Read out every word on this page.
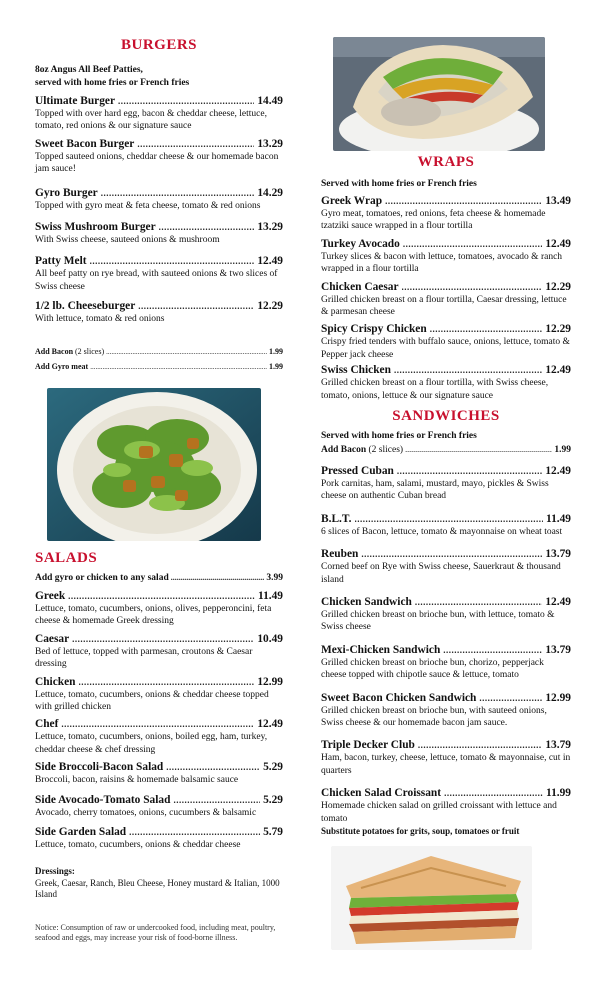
BURGERS
8oz Angus All Beef Patties,
served with home fries or French fries
Ultimate Burger .....	14.49
Topped with over hard egg, bacon & cheddar cheese, lettuce, tomato, red onions & our signature sauce
Sweet Bacon Burger .....	13.29
Topped sauteed onions, cheddar cheese & our homemade bacon jam sauce!
Gyro Burger .....	14.29
Topped with gyro meat & feta cheese, tomato & red onions
Swiss Mushroom Burger .....	13.29
With Swiss cheese, sauteed onions & mushroom
Patty Melt .....	12.49
All beef patty on rye bread, with sauteed onions & two slices of Swiss cheese
1/2 lb. Cheeseburger .....	12.29
With lettuce, tomato & red onions
Add Bacon
(2 slices) .....	1.99
Add Gyro meat .....	1.99
SALADS
Add gyro or chicken to any salad .....	3.99
Greek .....	11.49
Lettuce, tomato, cucumbers, onions, olives, pepperoncini, feta cheese & homemade Greek dressing
Caesar .....	10.49
Bed of lettuce, topped with parmesan, croutons & Caesar dressing
Chicken .....	12.99
Lettuce, tomato, cucumbers, onions & cheddar cheese topped with grilled chicken
Chef .....	12.49
Lettuce, tomato, cucumbers, onions, boiled egg, ham, turkey, cheddar cheese & chef dressing
Side Broccoli-Bacon Salad .....	5.29
Broccoli, bacon, raisins & homemade balsamic sauce
Side Avocado-Tomato Salad .....	5.29
Avocado, cherry tomatoes, onions, cucumbers & balsamic
Side Garden Salad .....	5.79
Lettuce, tomato, cucumbers, onions & cheddar cheese
Dressings:
Greek, Caesar, Ranch, Bleu Cheese, Honey mustard & Italian, 1000 Island
Notice: Consumption of raw or undercooked food, including meat, poultry, seafood and eggs, may increase your risk of food-borne illness.
WRAPS
Served with home fries or French fries
Greek Wrap .....	13.49
Gyro meat, tomatoes, red onions, feta cheese & homemade tzatziki sauce wrapped in a flour tortilla
Turkey Avocado .....	12.49
Turkey slices & bacon with lettuce, tomatoes, avocado & ranch wrapped in a flour tortilla
Chicken Caesar .....	12.29
Grilled chicken breast on a flour tortilla, Caesar dressing, lettuce & parmesan cheese
Spicy Crispy Chicken .....	12.29
Crispy fried tenders with buffalo sauce, onions, lettuce, tomato & Pepper jack cheese
Swiss Chicken .....	12.49
Grilled chicken breast on a flour tortilla, with Swiss cheese, tomato, onions, lettuce & our signature sauce
SANDWICHES
Served with home fries or French fries
Add Bacon
(2 slices) .....	1.99
Pressed Cuban .....	12.49
Pork carnitas, ham, salami, mustard, mayo, pickles & Swiss cheese on authentic Cuban bread
B.L.T. .....	11.49
6 slices of Bacon, lettuce, tomato & mayonnaise on wheat toast
Reuben .....	13.79
Corned beef on Rye with Swiss cheese, Sauerkraut & thousand island
Chicken Sandwich .....	12.49
Grilled chicken breast on brioche bun, with lettuce, tomato & Swiss cheese
Mexi-Chicken Sandwich .....	13.79
Grilled chicken breast on brioche bun, chorizo, pepperjack cheese topped with chipotle sauce & lettuce, tomato
Sweet Bacon Chicken Sandwich .....	12.99
Grilled chicken breast on brioche bun, with sauteed onions, Swiss cheese & our homemade bacon jam sauce.
Triple Decker Club .....	13.79
Ham, bacon, turkey, cheese, lettuce, tomato & mayonnaise, cut in quarters
Chicken Salad Croissant .....	11.99
Homemade chicken salad on grilled croissant with lettuce and tomato
Substitute potatoes for grits, soup, tomatoes or fruit
